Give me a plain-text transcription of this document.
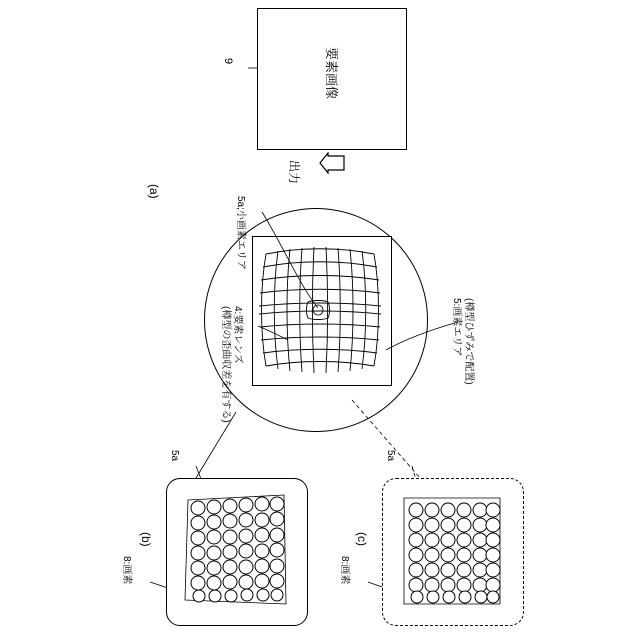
要素画像
9
出力
(a)
5a;小画素エリア
4:要素レンズ
(樽型の歪曲収差を有する)	5:画素エリア (樽型ひずみで配置)
(b)
5a
8:画素
(c)
5a
8:画素
